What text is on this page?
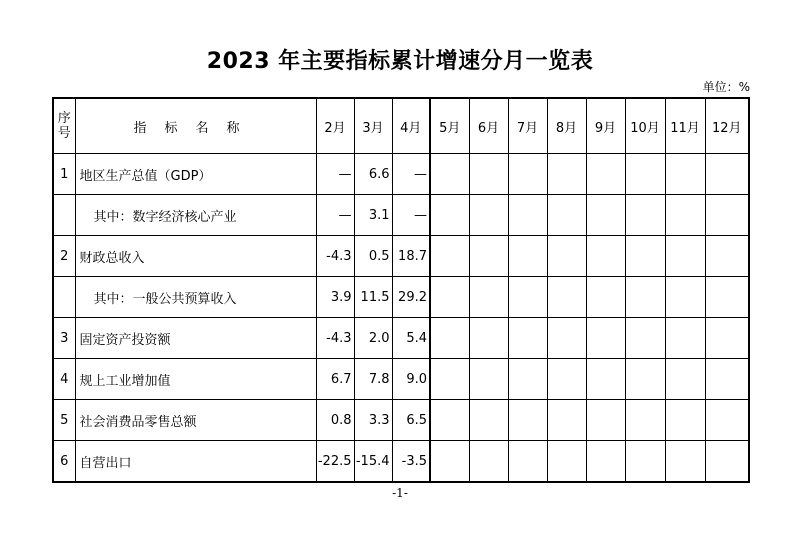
2023 年主要指标累计增速分月一览表
单位：%
序
号	指标名称	2月	3月	4月	5月	6月	7月	8月	9月	10月	11月	12月
1	地区生产总值（GDP）	—	6.6	—								
	其中：数字经济核心产业	—	3.1	—								
2	财政总收入	-4.3	0.5	18.7								
	其中：一般公共预算收入	3.9	11.5	29.2								
3	固定资产投资额	-4.3	2.0	5.4								
4	规上工业增加值	6.7	7.8	9.0								
5	社会消费品零售总额	0.8	3.3	6.5								
6	自营出口	-22.5	-15.4	-3.5								
-1-
